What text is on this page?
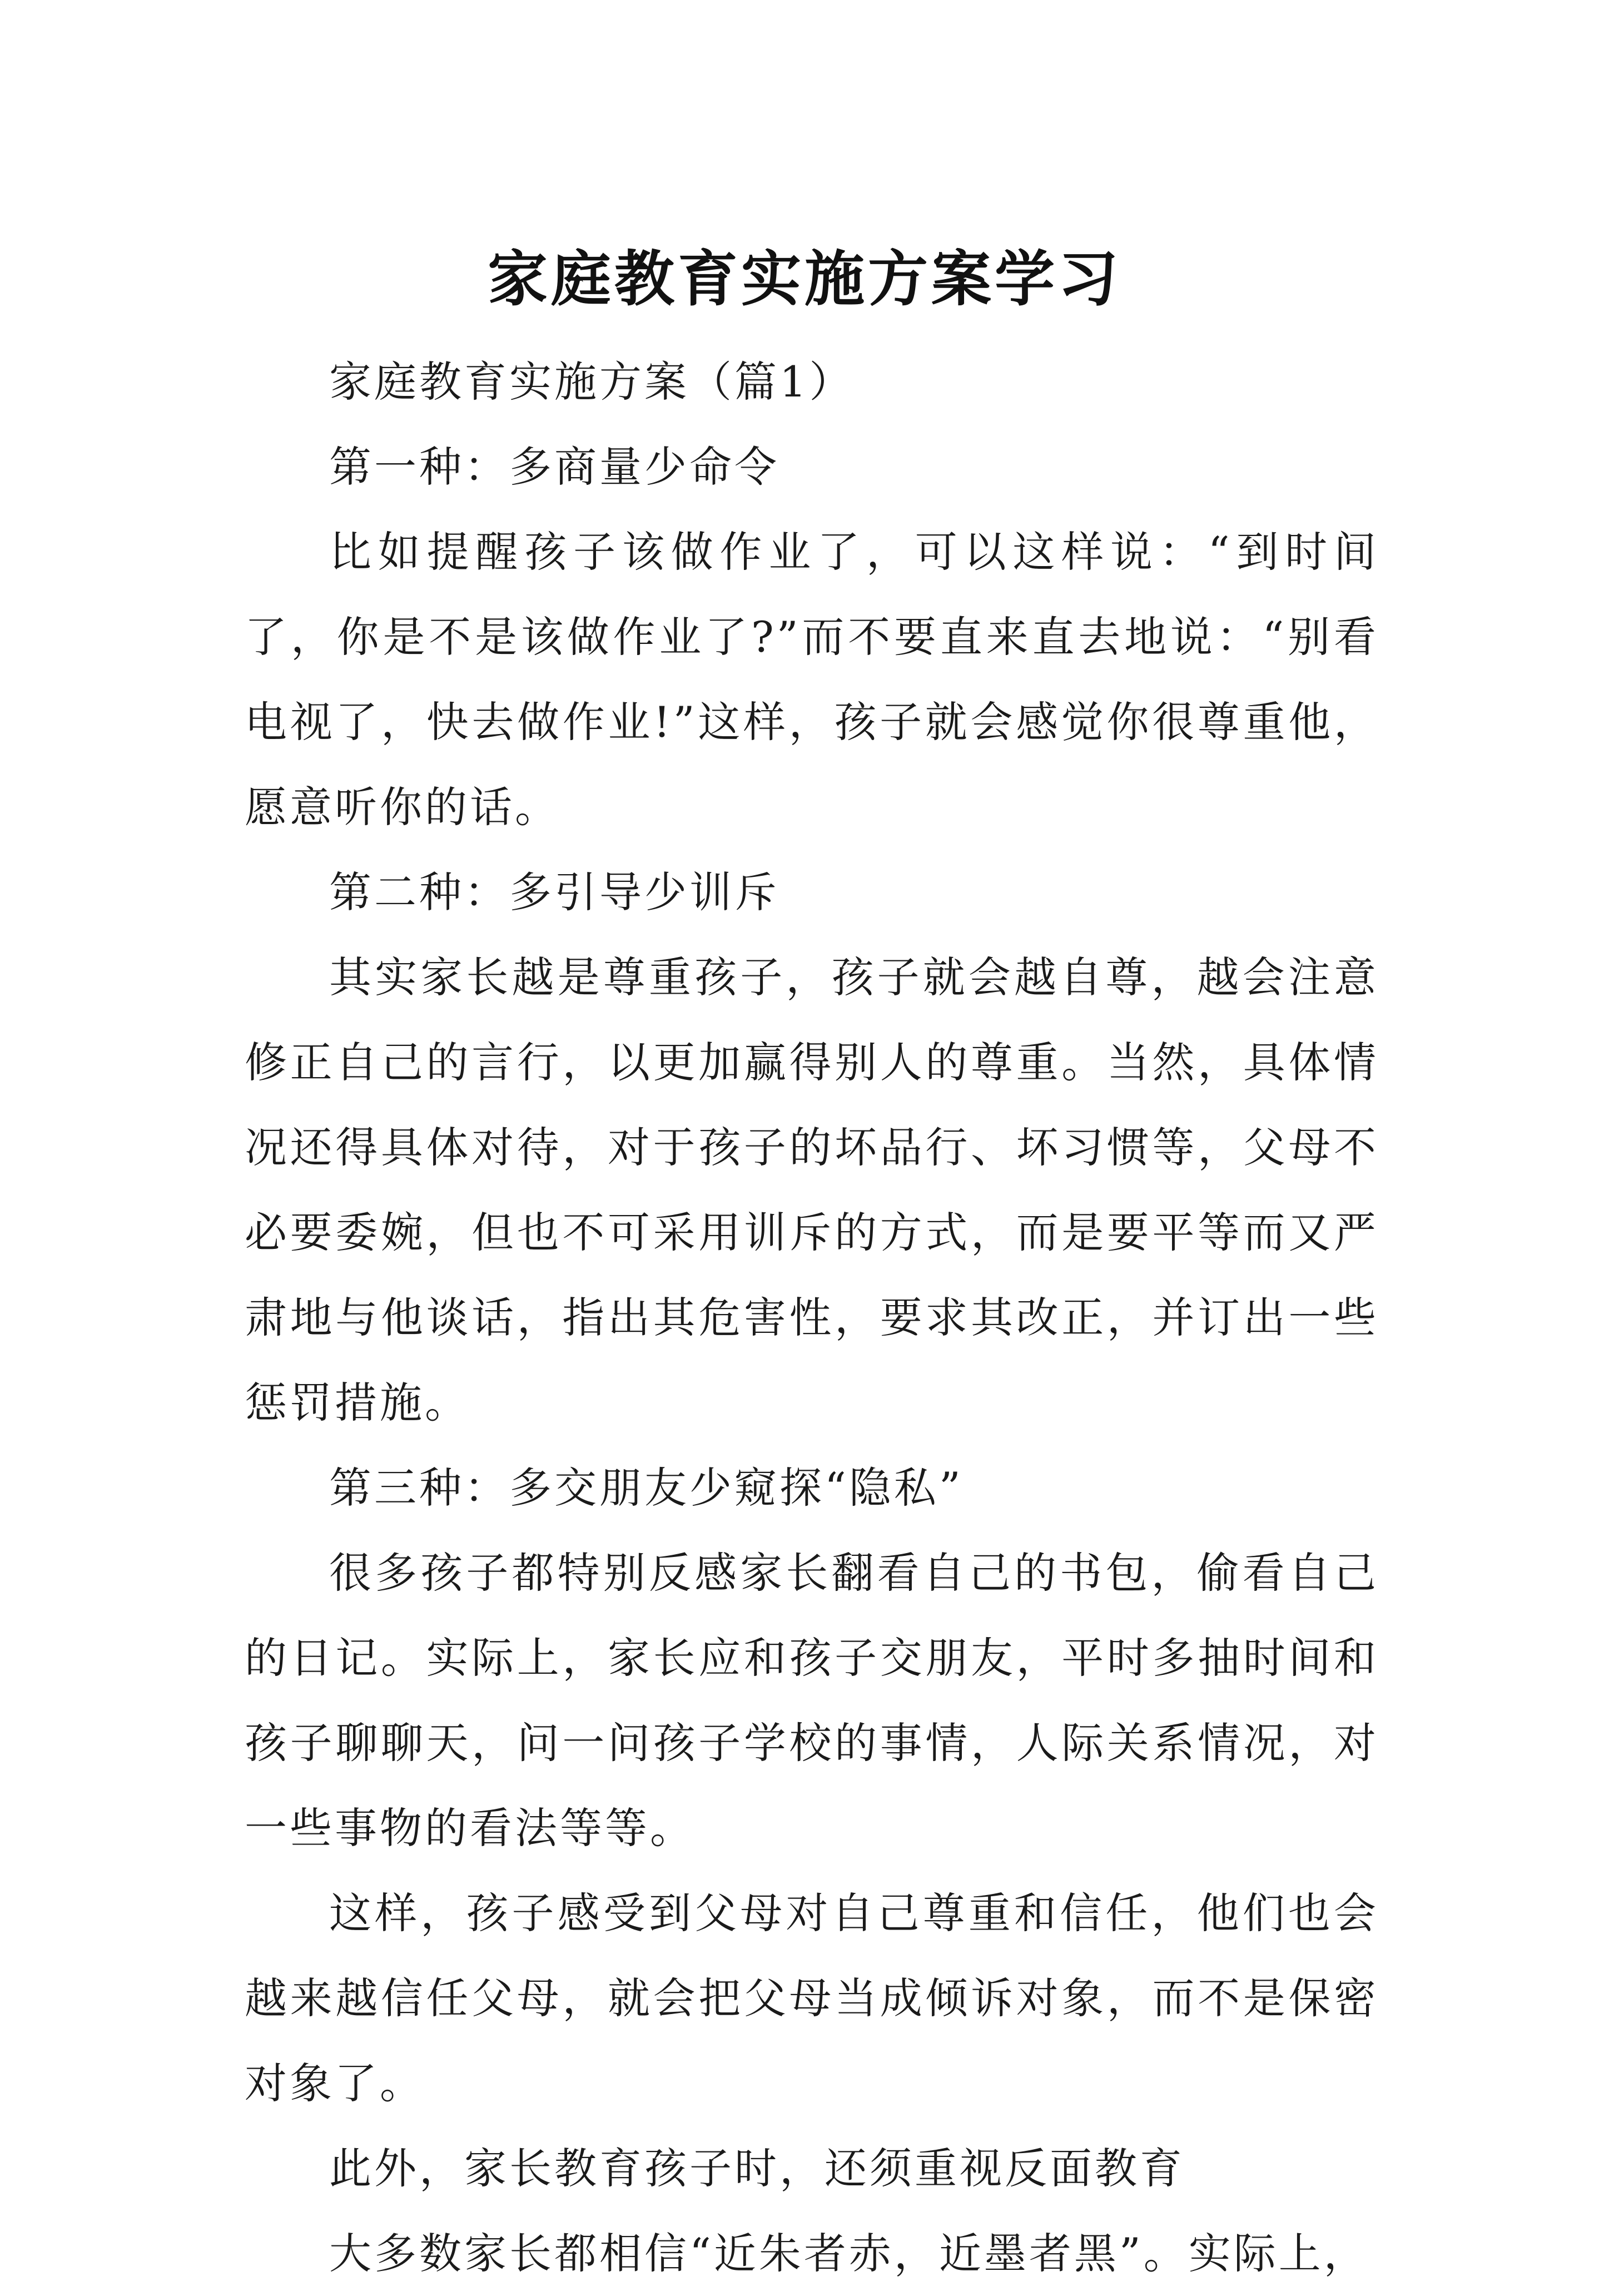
家庭教育实施方案学习

家庭教育实施方案（篇1）

第一种：多商量少命令

比如提醒孩子该做作业了，可以这样说：“到时间了，你是不是该做作业了?”而不要直来直去地说：“别看电视了，快去做作业!”这样，孩子就会感觉你很尊重他，愿意听你的话。

第二种：多引导少训斥

其实家长越是尊重孩子，孩子就会越自尊，越会注意修正自己的言行，以更加赢得别人的尊重。当然，具体情况还得具体对待，对于孩子的坏品行、坏习惯等，父母不必要委婉，但也不可采用训斥的方式，而是要平等而又严肃地与他谈话，指出其危害性，要求其改正，并订出一些惩罚措施。

第三种：多交朋友少窥探“隐私”

很多孩子都特别反感家长翻看自己的书包，偷看自己的日记。实际上，家长应和孩子交朋友，平时多抽时间和孩子聊聊天，问一问孩子学校的事情，人际关系情况，对一些事物的看法等等。

这样，孩子感受到父母对自己尊重和信任，他们也会越来越信任父母，就会把父母当成倾诉对象，而不是保密对象了。

此外，家长教育孩子时，还须重视反面教育

大多数家长都相信“近朱者赤，近墨者黑”。实际上，
